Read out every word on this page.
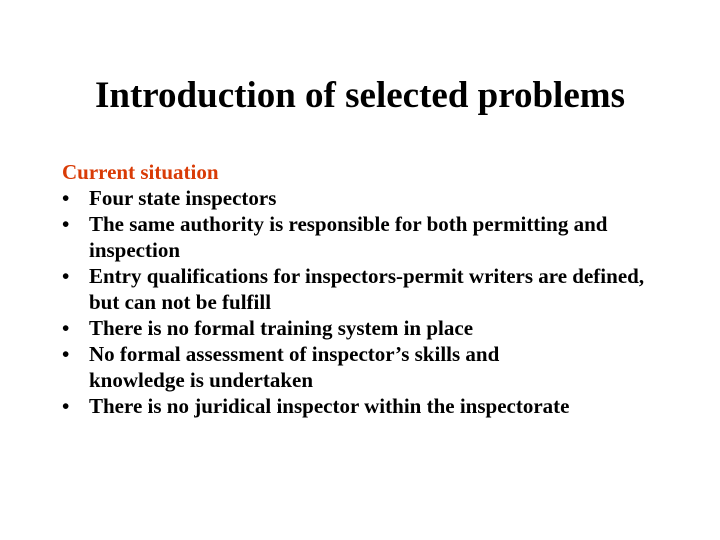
Introduction of selected problems
Current situation
• Four state inspectors
• The same authority is responsible for both permitting and inspection
• Entry qualifications for inspectors-permit writers are defined, but can not be fulfill
• There is no formal training system in place
• No formal assessment of inspector’s skills and knowledge is undertaken
• There is no juridical inspector within the inspectorate
